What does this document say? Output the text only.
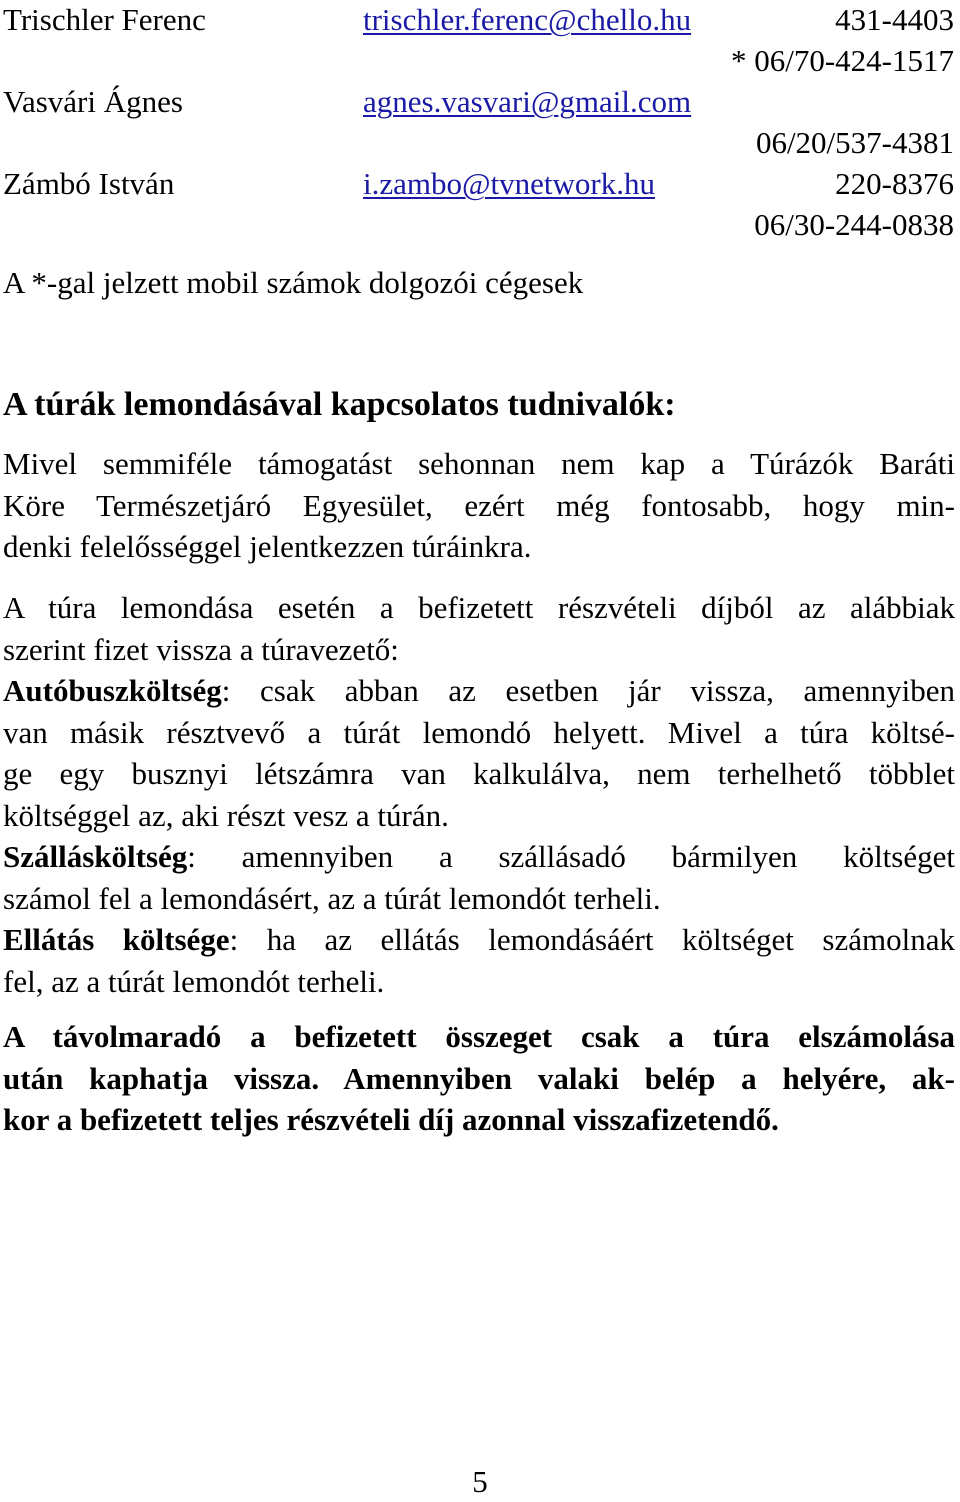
Trischler Ferenc	trischler.ferenc@chello.hu	431-4403
* 06/70-424-1517
Vasvári Ágnes	agnes.vasvari@gmail.com
06/20/537-4381
Zámbó István	i.zambo@tvnetwork.hu	220-8376
06/30-244-0838
A *-gal jelzett mobil számok dolgozói cégesek
A túrák lemondásával kapcsolatos tudnivalók:
Mivel semmiféle támogatást sehonnan nem kap a Túrázók Baráti
Köre Természetjáró Egyesület, ezért még fontosabb, hogy min-
denki felelősséggel jelentkezzen túráinkra.
A túra lemondása esetén a befizetett részvételi díjból az alábbiak
szerint fizet vissza a túravezető:
Autóbuszköltség: csak abban az esetben jár vissza, amennyiben
van másik résztvevő a túrát lemondó helyett. Mivel a túra költsé-
ge egy busznyi létszámra van kalkulálva, nem terhelhető többlet
költséggel az, aki részt vesz a túrán.
Szállásköltség: amennyiben a szállásadó bármilyen költséget
számol fel a lemondásért, az a túrát lemondót terheli.
Ellátás költsége: ha az ellátás lemondásáért költséget számolnak
fel, az a túrát lemondót terheli.
A távolmaradó a befizetett összeget csak a túra elszámolása
után kaphatja vissza. Amennyiben valaki belép a helyére, ak-
kor a befizetett teljes részvételi díj azonnal visszafizetendő.
5
